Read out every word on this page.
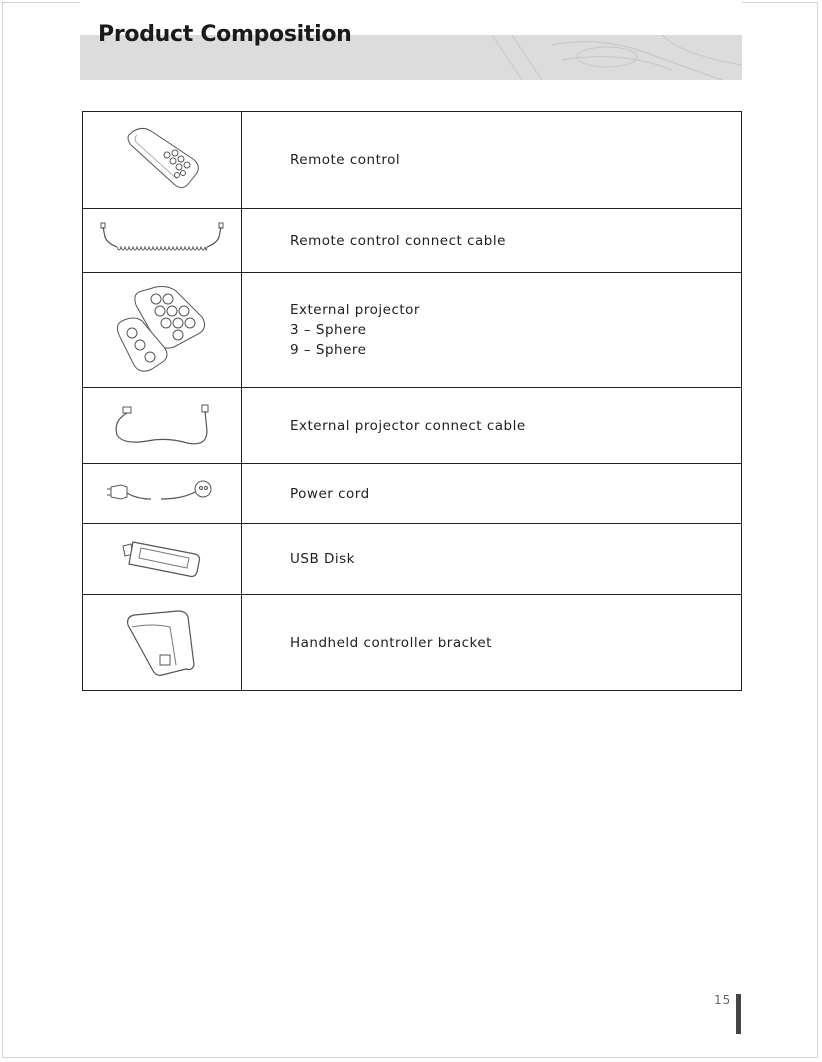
Product Composition

Remote control

Remote control connect cable

External projector
3 – Sphere
9 – Sphere

External projector connect cable

Power cord

USB Disk

Handheld controller bracket
15
